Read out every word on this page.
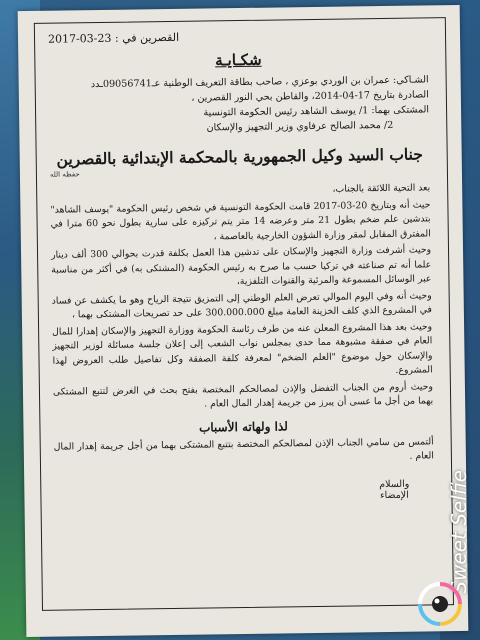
القصرين في : 23-03-2017

شكـايـة

الشـاكي: عمران بن الوردي بوعزي ، صاحب بطاقة التعريف الوطنية عـ09056741ـدد

الصادرة بتاريخ 17-04-2014، والقاطن بحي النور القصرين ،

المشتكى بهما: 1/ يوسف الشاهد رئيس الحكومة التونسية

2/ محمد الصالح عرفاوي وزير التجهيز والإسكان

جناب السيد وكيل الجمهورية بالمحكمة الإبتدائية بالقصرين

حفظه الله

بعد التحية اللائقة بالجناب،

حيث أنه وبتاريخ 20-03-2017 قامت الحكومة التونسية في شخص رئيس الحكومة "يوسف الشاهد" بتدشين علم ضخم بطول 21 متر وعرضه 14 متر يتم تركيزه على سارية بطول نحو 60 مترا في المفترق المقابل لمقر وزارة الشؤون الخارجية بالعاصمة ،

وحيث أشرفت وزارة التجهيز والإسكان على تدشين هذا العمل بكلفة قدرت بحوالي 300 ألف دينار علما أنه تم صناعته في تركيا حسب ما صرح به رئيس الحكومة (المشتكى به) في أكثر من مناسبة عبر الوسائل المسموعة والمرئية والقنوات التلفزية،

وحيث أنه وفي اليوم الموالي تعرض العلم الوطني إلى التمزيق نتيجة الرياح وهو ما يكشف عن فساد في المشروع الذي كلف الخزينة العامة مبلغ 300.000.000 على حد تصريحات المشتكى بهما ،

وحيث بعد هذا المشروع المعلن عنه من طرف رئاسة الحكومة ووزارة التجهيز والإسكان إهدارا للمال العام في صفقة مشبوهة مما حدى بمجلس نواب الشعب إلى إعلان جلسة مسائلة لوزير التجهيز والإسكان حول موضوع "العلم الضخم" لمعرفة كلفة الصفقة وكل تفاصيل طلب العروض لهذا المشروع.

وحيث أروم من الجناب التفضل والإذن لمصالحكم المختصة بفتح بحث في الغرض لتتبع المشتكى بهما من أجل ما عسى أن يبرز من جريمة إهدار المال العام .

لذا ولهاته الأسباب

ألتمس من سامي الجناب الإذن لمصالحكم المختصة بتتبع المشتكى بهما من أجل جريمة إهدار المال العام .

والسلام
الإمضاء	Sweet Selfie
